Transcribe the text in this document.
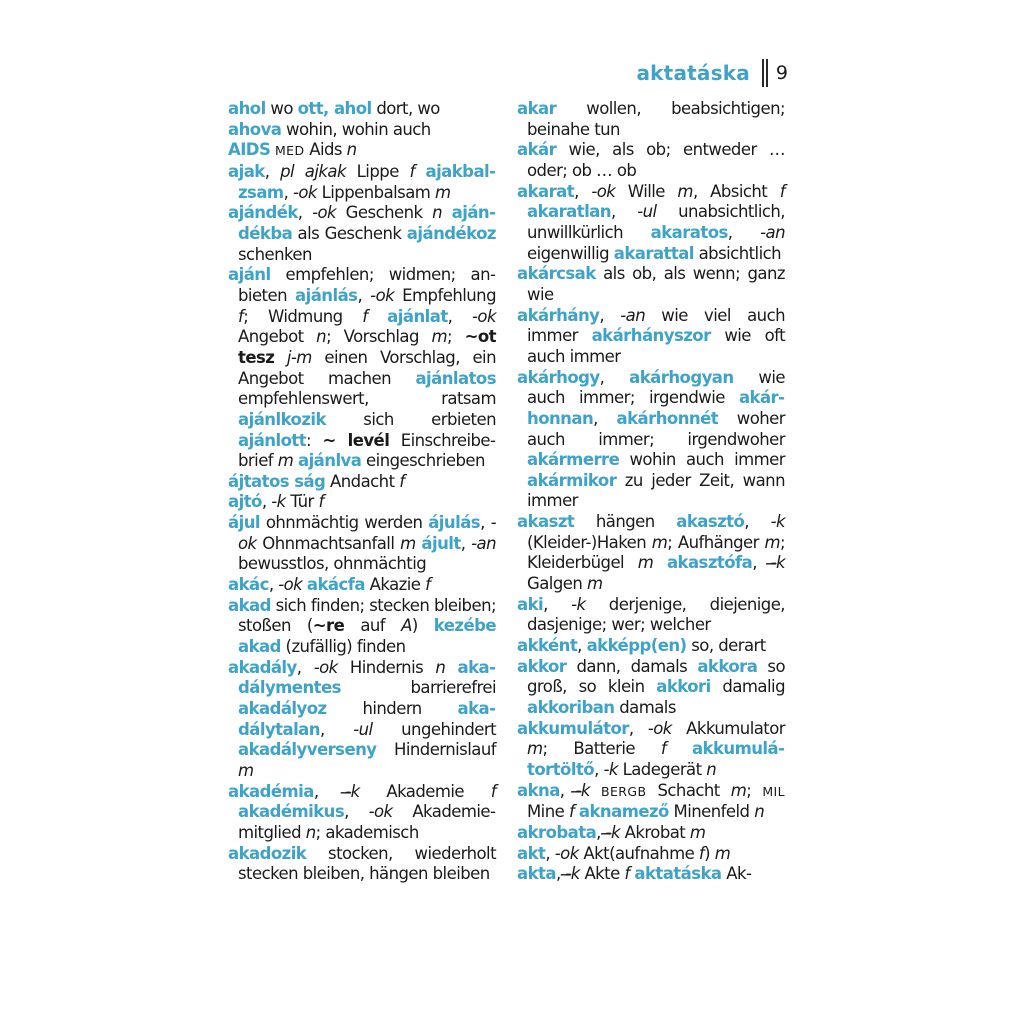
aktatáska 9
ahol wo ott, ahol dort, wo
ahova wohin, wohin auch
AIDS MED Aids n
ajak, pl ajkak Lippe f ajakbalzsam, -ok Lippenbalsam m
ajándék, -ok Geschenk n ajándékba als Geschenk ajándékoz schenken
ajánl empfehlen; widmen; anbieten ajánlás, -ok Empfehlung f; Widmung f ajánlat, -ok Angebot n; Vorschlag m; ~ot tesz j-m einen Vorschlag, ein Angebot machen ajánlatos empfehlenswert, ratsam ajánlkozik sich erbieten ajánlott: ~ levél Einschreibebrief m ajánlva eingeschrieben
ájtatos ság Andacht f
ajtó, -k Tür f
ájul ohnmächtig werden ájulás, -ok Ohnmachtsanfall m ájult, -an bewusstlos, ohnmächtig
akác, -ok akácfa Akazie f
akad sich finden; stecken bleiben; stoßen (~re auf A) kezébe akad (zufällig) finden
akadály, -ok Hindernis n akadálymentes barrierefrei akadályoz hindern akadálytalan, -ul ungehindert akadályverseny Hindernislauf m
akadémia, -̶k Akademie f akadémikus, -ok Akademiemitglied n; akademisch
akadozik stocken, wiederholt stecken bleiben, hängen bleiben
akar wollen, beabsichtigen; beinahe tun
akár wie, als ob; entweder … oder; ob … ob
akarat, -ok Wille m, Absicht f akaratlan, -ul unabsichtlich, unwillkürlich akaratos, -an eigenwillig akarattal absichtlich
akárcsak als ob, als wenn; ganz wie
akárhány, -an wie viel auch immer akárhányszor wie oft auch immer
akárhogy, akárhogyan wie auch immer; irgendwie akárhonnan, akárhonnét woher auch immer; irgendwoher akármerre wohin auch immer akármikor zu jeder Zeit, wann immer
akaszt hängen akasztó, -k (Kleider-)Haken m; Aufhänger m; Kleiderbügel m akasztófa, -̶k Galgen m
aki, -k derjenige, diejenige, dasjenige; wer; welcher
akként, akképp(en) so, derart
akkor dann, damals akkora so groß, so klein akkori damalig akkoriban damals
akkumulátor, -ok Akkumulator m; Batterie f akkumulátortöltő, -k Ladegerät n
akna, -̶k BERGB Schacht m; MIL Mine f aknamező Minenfeld n
akrobata, -̶k Akrobat m
akt, -ok Akt(aufnahme f) m
akta, -̶k Akte f aktatáska Ak-
